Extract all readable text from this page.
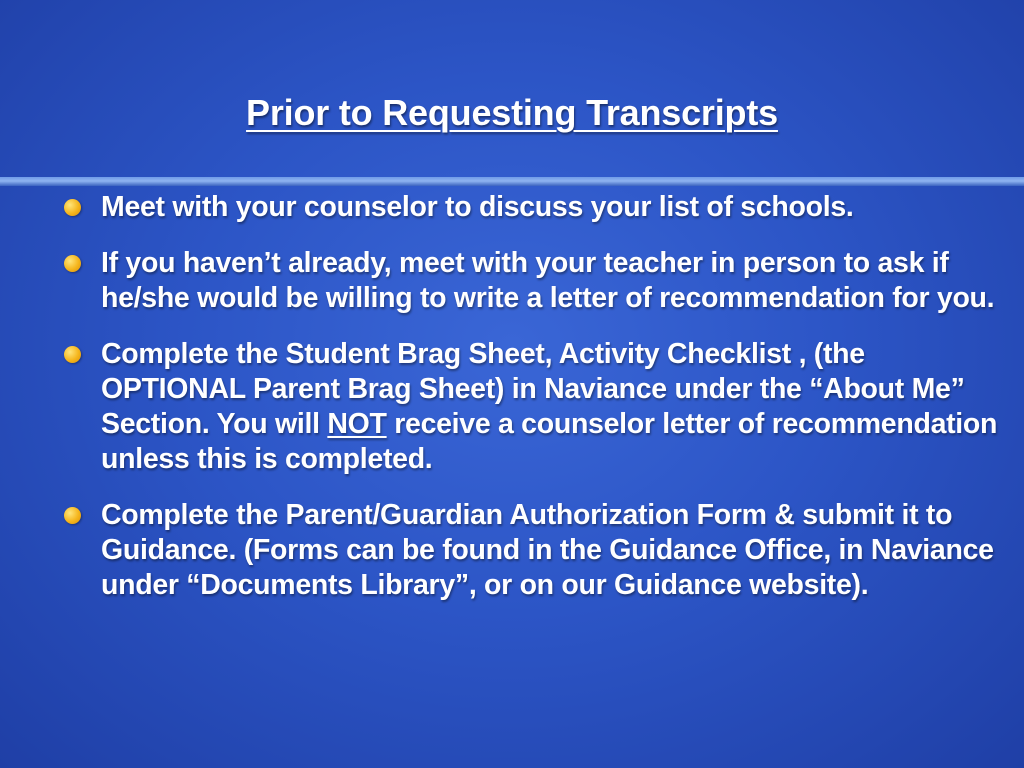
Prior to Requesting Transcripts
Meet with your counselor to discuss your list of schools.
If you haven’t already, meet with your teacher in person to ask if he/she would be willing to write a letter of recommendation for you.
Complete the Student Brag Sheet, Activity Checklist , (the OPTIONAL Parent Brag Sheet) in Naviance under the “About Me” Section. You will NOT receive a counselor letter of recommendation unless this is completed.
Complete the Parent/Guardian Authorization Form & submit it to Guidance. (Forms can be found in the Guidance Office, in Naviance under “Documents Library”, or on our Guidance website).
